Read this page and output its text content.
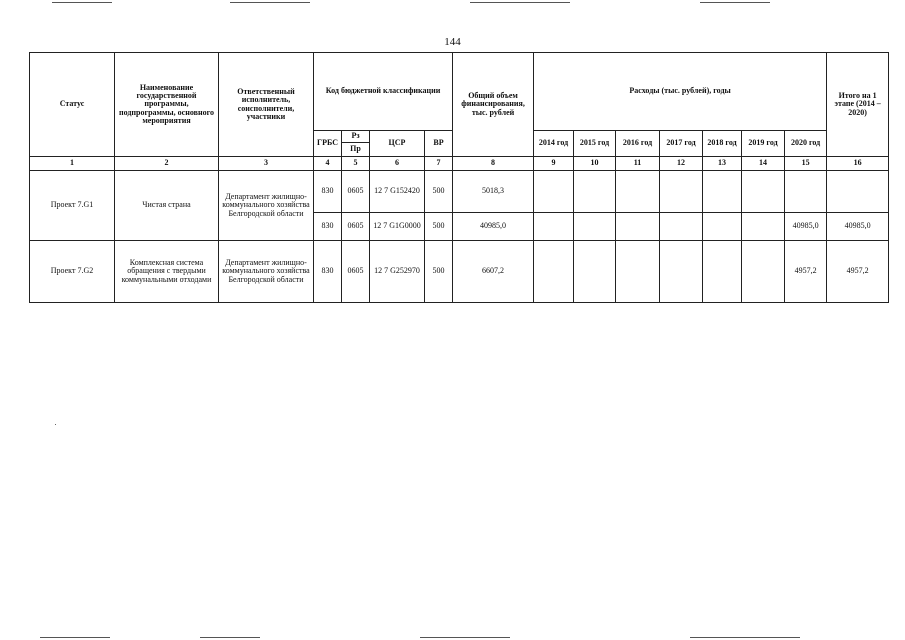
144
Статус	Наименование государственной программы, подпрограммы, основного мероприятия	Ответственный исполнитель, соисполнители, участники	Код бюджетной классификации				Общий объем финансирования, тыс. рублей	Расходы (тыс. рублей), годы							Итого на 1 этапе (2014 – 2020)
			ГРБС	Рз	ЦСР	ВР		2014 год	2015 год	2016 год	2017 год	2018 год	2019 год	2020 год	
				Пр											
1	2	3	4	5	6	7	8	9	10	11	12	13	14	15	16
Проект 7.G1	Чистая страна	Департамент жилищно-коммунального хозяйства Белгородской области	830	0605	12 7 G152420	500	5018,3								
			830	0605	12 7 G1G0000	500	40985,0							40985,0	40985,0
Проект 7.G2	Комплексная система обращения с твердыми коммунальными отходами	Департамент жилищно-коммунального хозяйства Белгородской области	830	0605	12 7 G252970	500	6607,2							4957,2	4957,2
